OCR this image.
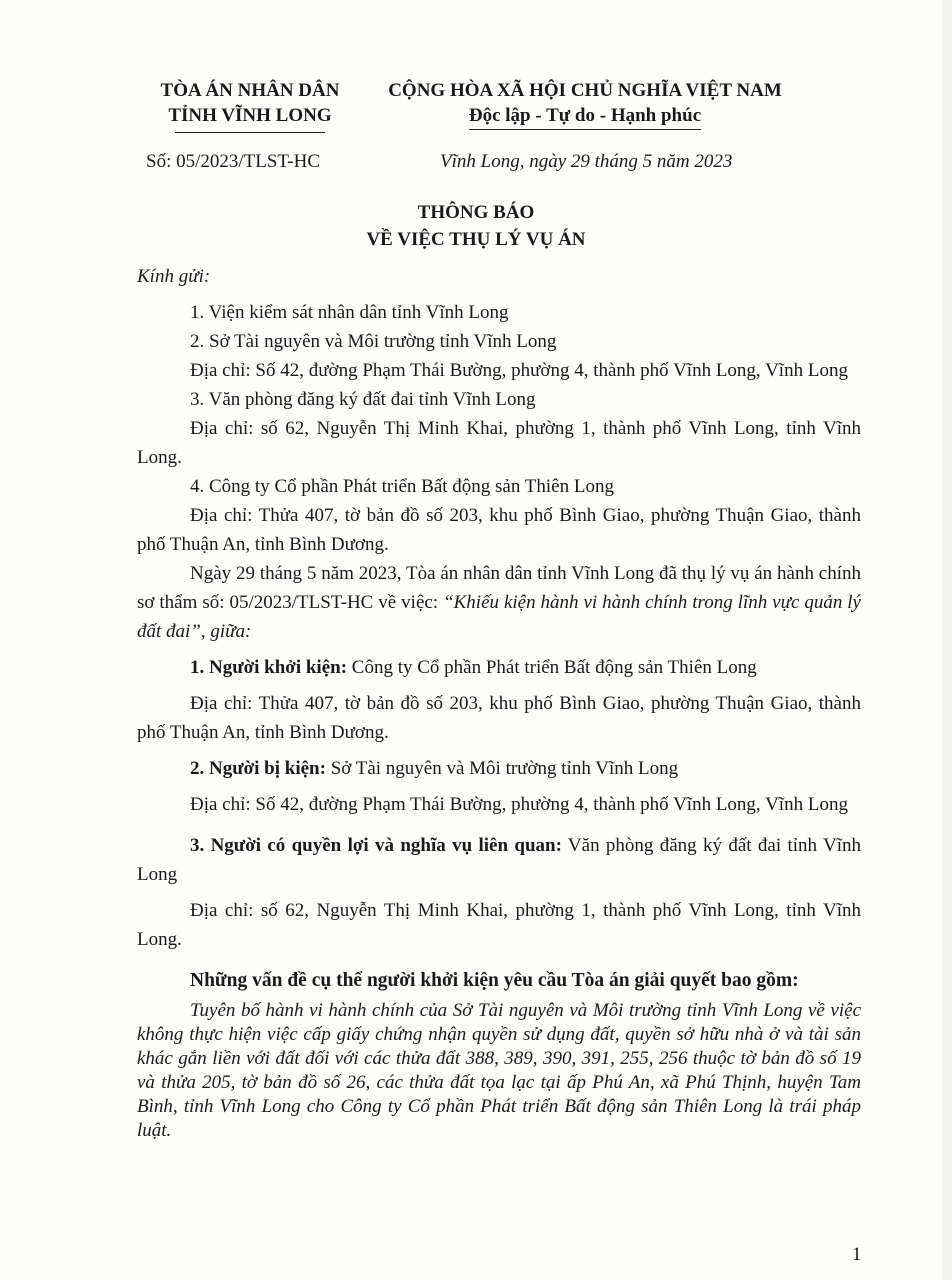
TÒA ÁN NHÂN DÂN
TỈNH VĨNH LONG
CỘNG HÒA XÃ HỘI CHỦ NGHĨA VIỆT NAM
Độc lập - Tự do - Hạnh phúc
Số: 05/2023/TLST-HC	Vĩnh Long, ngày 29 tháng 5 năm 2023
THÔNG BÁO
VỀ VIỆC THỤ LÝ VỤ ÁN

Kính gửi:

1. Viện kiểm sát nhân dân tỉnh Vĩnh Long

2. Sở Tài nguyên và Môi trường tỉnh Vĩnh Long

Địa chỉ: Số 42, đường Phạm Thái Bường, phường 4, thành phố Vĩnh Long, Vĩnh Long

3. Văn phòng đăng ký đất đai tỉnh Vĩnh Long

Địa chỉ: số 62, Nguyễn Thị Minh Khai, phường 1, thành phố Vĩnh Long, tỉnh Vĩnh Long.

4. Công ty Cổ phần Phát triển Bất động sản Thiên Long

Địa chỉ: Thửa 407, tờ bản đồ số 203, khu phố Bình Giao, phường Thuận Giao, thành phố Thuận An, tỉnh Bình Dương.

Ngày 29 tháng 5 năm 2023, Tòa án nhân dân tỉnh Vĩnh Long đã thụ lý vụ án hành chính sơ thẩm số: 05/2023/TLST-HC về việc: “Khiếu kiện hành vi hành chính trong lĩnh vực quản lý đất đai”, giữa:

1. Người khởi kiện: Công ty Cổ phần Phát triển Bất động sản Thiên Long

Địa chỉ: Thửa 407, tờ bản đồ số 203, khu phố Bình Giao, phường Thuận Giao, thành phố Thuận An, tỉnh Bình Dương.

2. Người bị kiện: Sở Tài nguyên và Môi trường tỉnh Vĩnh Long

Địa chỉ: Số 42, đường Phạm Thái Bường, phường 4, thành phố Vĩnh Long, Vĩnh Long

3. Người có quyền lợi và nghĩa vụ liên quan: Văn phòng đăng ký đất đai tỉnh Vĩnh Long

Địa chỉ: số 62, Nguyễn Thị Minh Khai, phường 1, thành phố Vĩnh Long, tỉnh Vĩnh Long.

Những vấn đề cụ thể người khởi kiện yêu cầu Tòa án giải quyết bao gồm:

Tuyên bố hành vi hành chính của Sở Tài nguyên và Môi trường tỉnh Vĩnh Long về việc không thực hiện việc cấp giấy chứng nhận quyền sử dụng đất, quyền sở hữu nhà ở và tài sản khác gắn liền với đất đối với các thửa đất 388, 389, 390, 391, 255, 256 thuộc tờ bản đồ số 19 và thửa 205, tờ bản đồ số 26, các thửa đất tọa lạc tại ấp Phú An, xã Phú Thịnh, huyện Tam Bình, tỉnh Vĩnh Long cho Công ty Cổ phần Phát triển Bất động sản Thiên Long là trái pháp luật.

1
